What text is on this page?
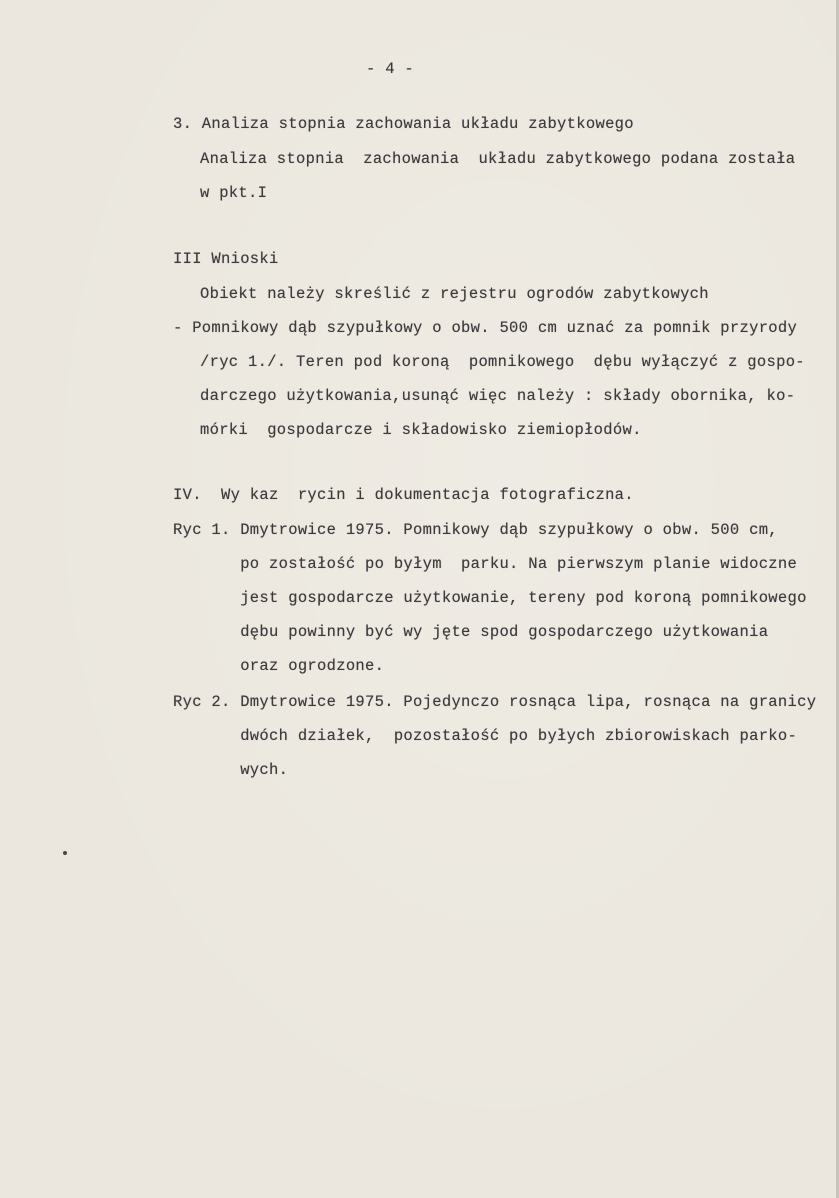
- 4 -
3. Analiza stopnia zachowania układu zabytkowego
Analiza stopnia  zachowania  układu zabytkowego podana została
w pkt.I
III Wnioski
Obiekt należy skreślić z rejestru ogrodów zabytkowych
- Pomnikowy dąb szypułkowy o obw. 500 cm uznać za pomnik przyrody
/ryc 1./. Teren pod koroną  pomnikowego  dębu wyłączyć z gospo-
darczego użytkowania,usunąć więc należy : składy obornika, ko-
mórki  gospodarcze i składowisko ziemiopłodów.
IV.  Wy kaz  rycin i dokumentacja fotograficzna.
Ryc 1. Dmytrowice 1975. Pomnikowy dąb szypułkowy o obw. 500 cm,
po zostałość po byłym  parku. Na pierwszym planie widoczne
jest gospodarcze użytkowanie, tereny pod koroną pomnikowego
dębu powinny być wy jęte spod gospodarczego użytkowania
oraz ogrodzone.
Ryc 2. Dmytrowice 1975. Pojedynczo rosnąca lipa, rosnąca na granicy
dwóch działek,  pozostałość po byłych zbiorowiskach parko-
wych.
